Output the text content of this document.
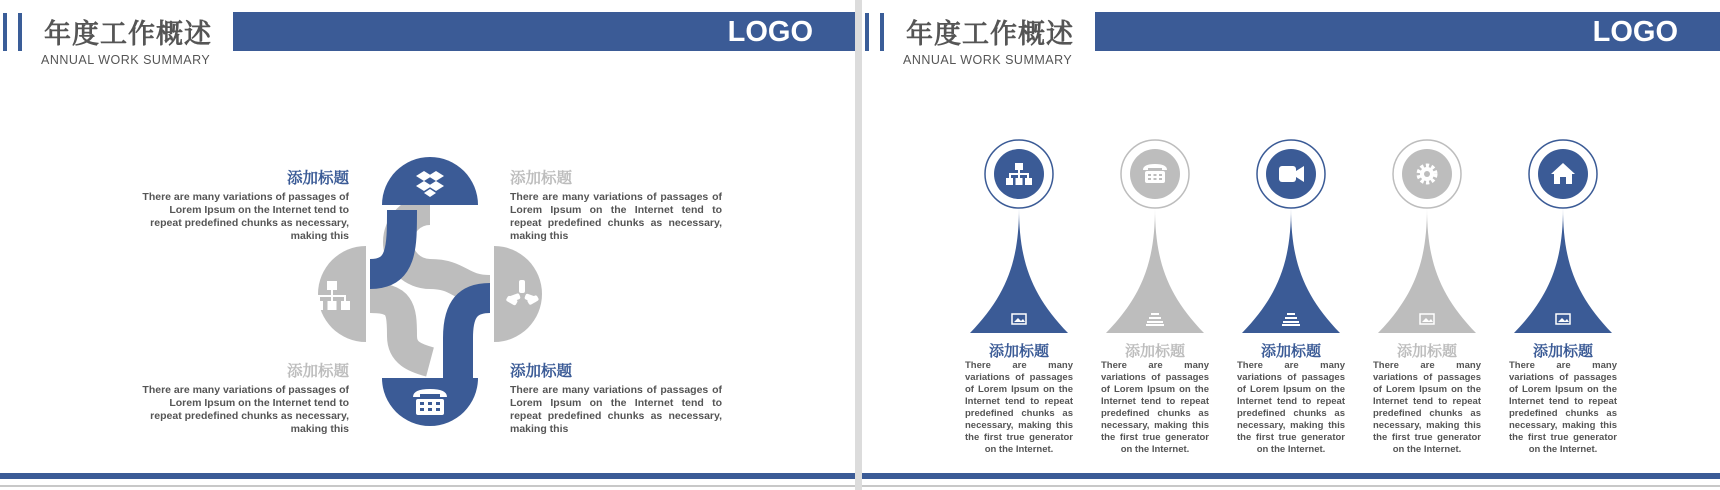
年度工作概述
ANNUAL WORK SUMMARY
LOGO
添加标题
There are many variations of passages of Lorem Ipsum on the Internet tend to repeat predefined chunks as necessary, making this
添加标题
There are many variations of passages of Lorem Ipsum on the Internet tend to repeat predefined chunks as necessary, making this
添加标题
There are many variations of passages of Lorem Ipsum on the Internet tend to repeat predefined chunks as necessary, making this
添加标题
There are many variations of passages of Lorem Ipsum on the Internet tend to repeat predefined chunks as necessary, making this
年度工作概述
ANNUAL WORK SUMMARY
LOGO
添加标题
There are many variations of passages of Lorem Ipsum on the Internet tend to repeat predefined chunks as necessary, making this the first true generator on the Internet.
添加标题
There are many variations of passages of Lorem Ipsum on the Internet tend to repeat predefined chunks as necessary, making this the first true generator on the Internet.
添加标题
There are many variations of passages of Lorem Ipsum on the Internet tend to repeat predefined chunks as necessary, making this the first true generator on the Internet.
添加标题
There are many variations of passages of Lorem Ipsum on the Internet tend to repeat predefined chunks as necessary, making this the first true generator on the Internet.
添加标题
There are many variations of passages of Lorem Ipsum on the Internet tend to repeat predefined chunks as necessary, making this the first true generator on the Internet.
